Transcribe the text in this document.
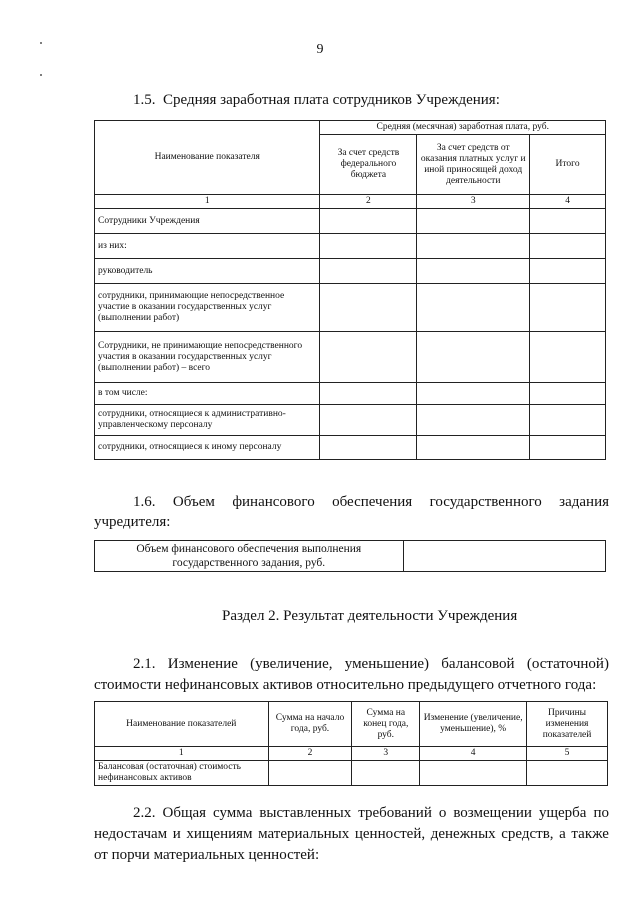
9
1.5.  Средняя заработная плата сотрудников Учреждения:
Наименование показателя	Средняя (месячная) заработная плата, руб.		
	За счет средств федерального бюджета	За счет средств от оказания платных услуг и иной приносящей доход деятельности	Итого
1	2	3	4
Сотрудники Учреждения			
из них:			
руководитель			
сотрудники, принимающие непосредственное участие в оказании государственных услуг (выполнении работ)			
Сотрудники, не принимающие непосредственного участия в оказании государственных услуг (выполнении работ) – всего			
в том числе:			
сотрудники, относящиеся к административно-управленческому персоналу			
сотрудники, относящиеся к иному персоналу			
1.6. Объем финансового обеспечения государственного задания
учредителя:
Объем финансового обеспечения выполнения государственного задания, руб.	
Раздел 2. Результат деятельности Учреждения
2.1. Изменение (увеличение, уменьшение) балансовой (остаточной)
стоимости нефинансовых активов относительно предыдущего отчетного года:
Наименование показателей	Сумма на начало года, руб.	Сумма на конец года, руб.	Изменение (увеличение, уменьшение), %	Причины изменения показателей
1	2	3	4	5
Балансовая (остаточная) стоимость нефинансовых активов				
2.2. Общая сумма выставленных требований о возмещении ущерба по
недостачам и хищениям материальных ценностей, денежных средств, а также
от порчи материальных ценностей:
